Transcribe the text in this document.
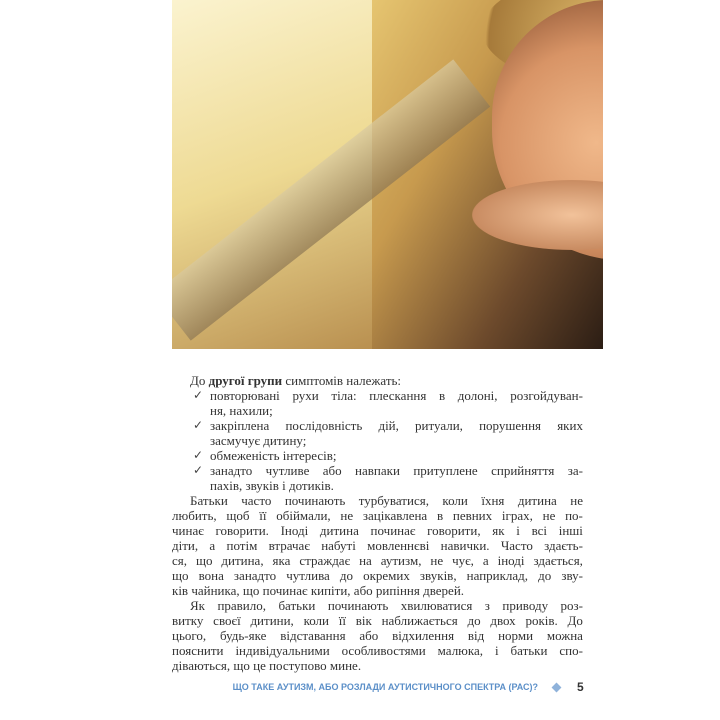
До другої групи симптомів належать:
✓ повторювані рухи тіла: плескання в долоні, розгойдуван-
ня, нахили;
✓ закріплена послідовність дій, ритуали, порушення яких
засмучує дитину;
✓ обмеженість інтересів;
✓ занадто чутливе або навпаки притуплене сприйняття за-
пахів, звуків і дотиків.
Батьки часто починають турбуватися, коли їхня дитина не
любить, щоб її обіймали, не зацікавлена в певних іграх, не по-
чинає говорити. Іноді дитина починає говорити, як і всі інші
діти, а потім втрачає набуті мовленнєві навички. Часто здаєть-
ся, що дитина, яка страждає на аутизм, не чує, а іноді здається,
що вона занадто чутлива до окремих звуків, наприклад, до зву-
ків чайника, що починає кипіти, або рипіння дверей.
Як правило, батьки починають хвилюватися з приводу роз-
витку своєї дитини, коли її вік наближається до двох років. До
цього, будь-яке відставання або відхилення від норми можна
пояснити індивідуальними особливостями малюка, і батьки спо-
діваються, що це поступово мине.
ЩО ТАКЕ АУТИЗМ, АБО РОЗЛАДИ АУТИСТИЧНОГО СПЕКТРА (РАС)?	5
